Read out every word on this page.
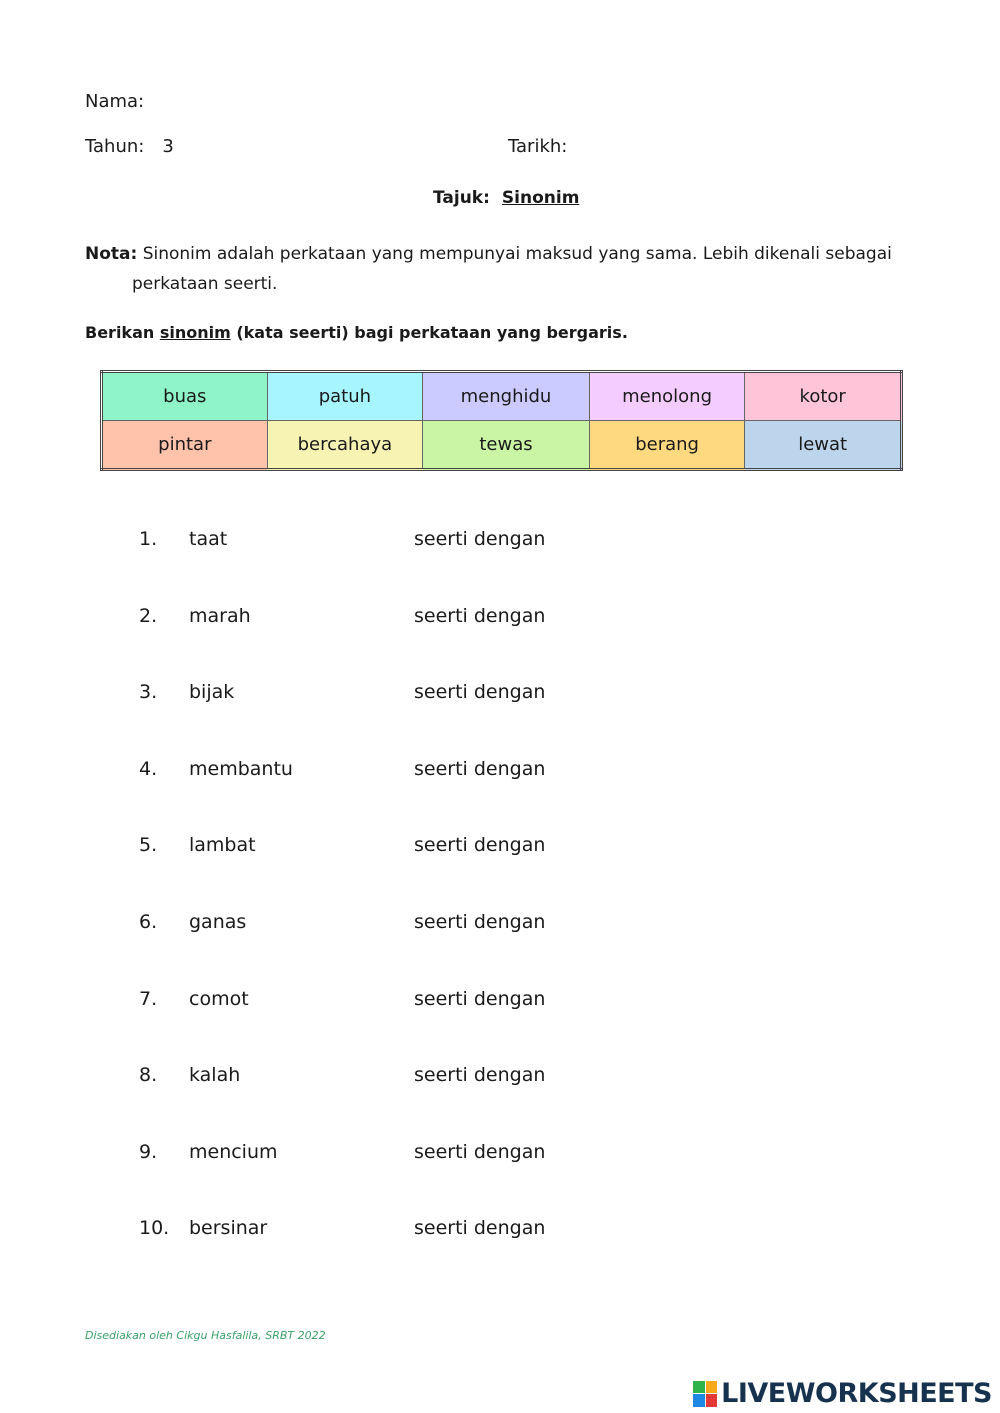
Nama:
Tahun: 3	Tarikh:
Tajuk: Sinonim
Nota: Sinonim adalah perkataan yang mempunyai maksud yang sama. Lebih dikenali sebagai
perkataan seerti.
Berikan sinonim (kata seerti) bagi perkataan yang bergaris.
buas	patuh	menghidu	menolong	kotor
pintar	bercahaya	tewas	berang	lewat
1. taat	seerti dengan
2. marah	seerti dengan
3. bijak	seerti dengan
4. membantu	seerti dengan
5. lambat	seerti dengan
6. ganas	seerti dengan
7. comot	seerti dengan
8. kalah	seerti dengan
9. mencium	seerti dengan
10. bersinar	seerti dengan
Disediakan oleh Cikgu Hasfalila, SRBT 2022
LIVEWORKSHEETS
